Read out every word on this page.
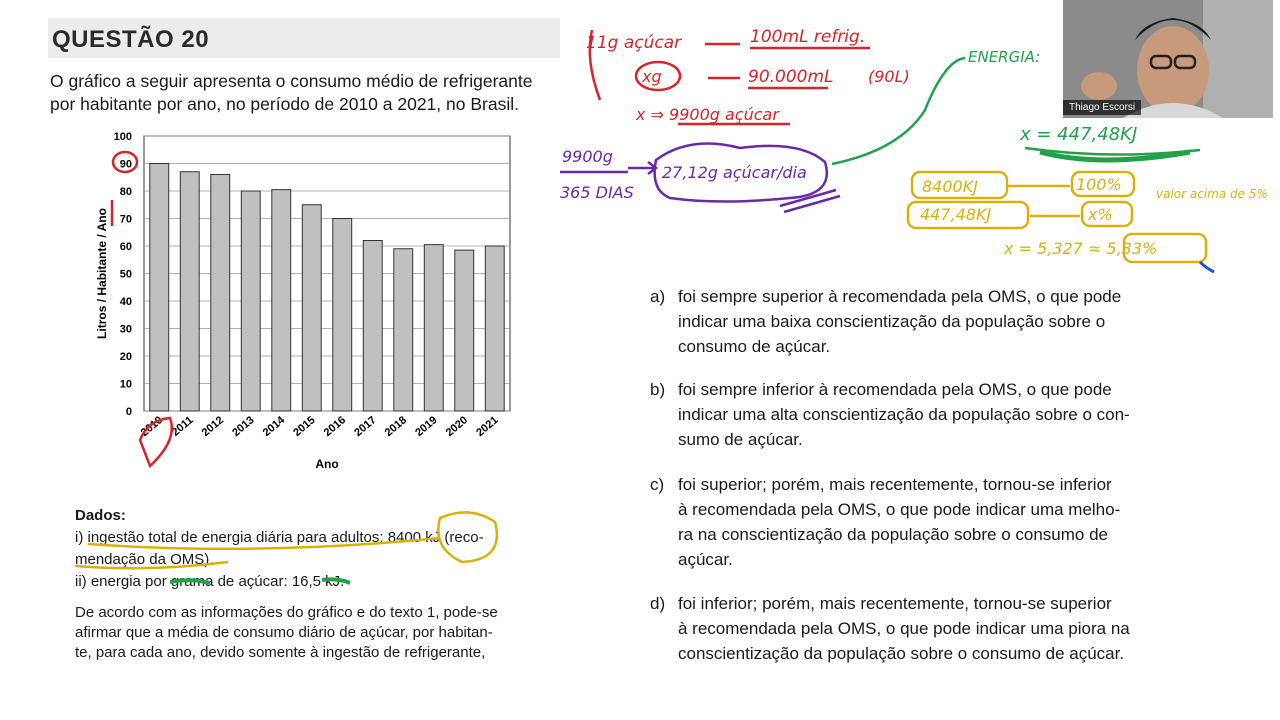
QUESTÃO 20
O gráfico a seguir apresenta o consumo médio de refrigerante
por habitante por ano, no período de 2010 a 2021, no Brasil.
0
10
20
30
40
50
60
70
80
90
100
2010 2011 2012 2013 2014 2015 2016 2017 2018 2019 2020 2021
Litros / Habitante / Ano
Ano

Dados:

i) ingestão total de energia diária para adultos: 8400 kJ (reco-

mendação da OMS).

ii) energia por grama de açúcar: 16,5 kJ.

De acordo com as informações do gráfico e do texto 1, pode-se
afirmar que a média de consumo diário de açúcar, por habitan-
te, para cada ano, devido somente à ingestão de refrigerante,
a) foi sempre superior à recomendada pela OMS, o que pode
indicar uma baixa conscientização da população sobre o
consumo de açúcar.
b) foi sempre inferior à recomendada pela OMS, o que pode
indicar uma alta conscientização da população sobre o con-
sumo de açúcar.
c) foi superior; porém, mais recentemente, tornou-se inferior
à recomendada pela OMS, o que pode indicar uma melho-
ra na conscientização da população sobre o consumo de
açúcar.
d) foi inferior; porém, mais recentemente, tornou-se superior
à recomendada pela OMS, o que pode indicar uma piora na
conscientização da população sobre o consumo de açúcar.
11g açúcar	100mL refrig.
xg	90.000mL (90L)
x ⇒ 9900g açúcar
9900g
365 DIAS
27,12g açúcar/dia
ENERGIA:
x = 447,48KJ
8400KJ	100%
447,48KJ	x%
x = 5,327 ≈ 5,33%
valor acima de 5%
Thiago Escorsi
